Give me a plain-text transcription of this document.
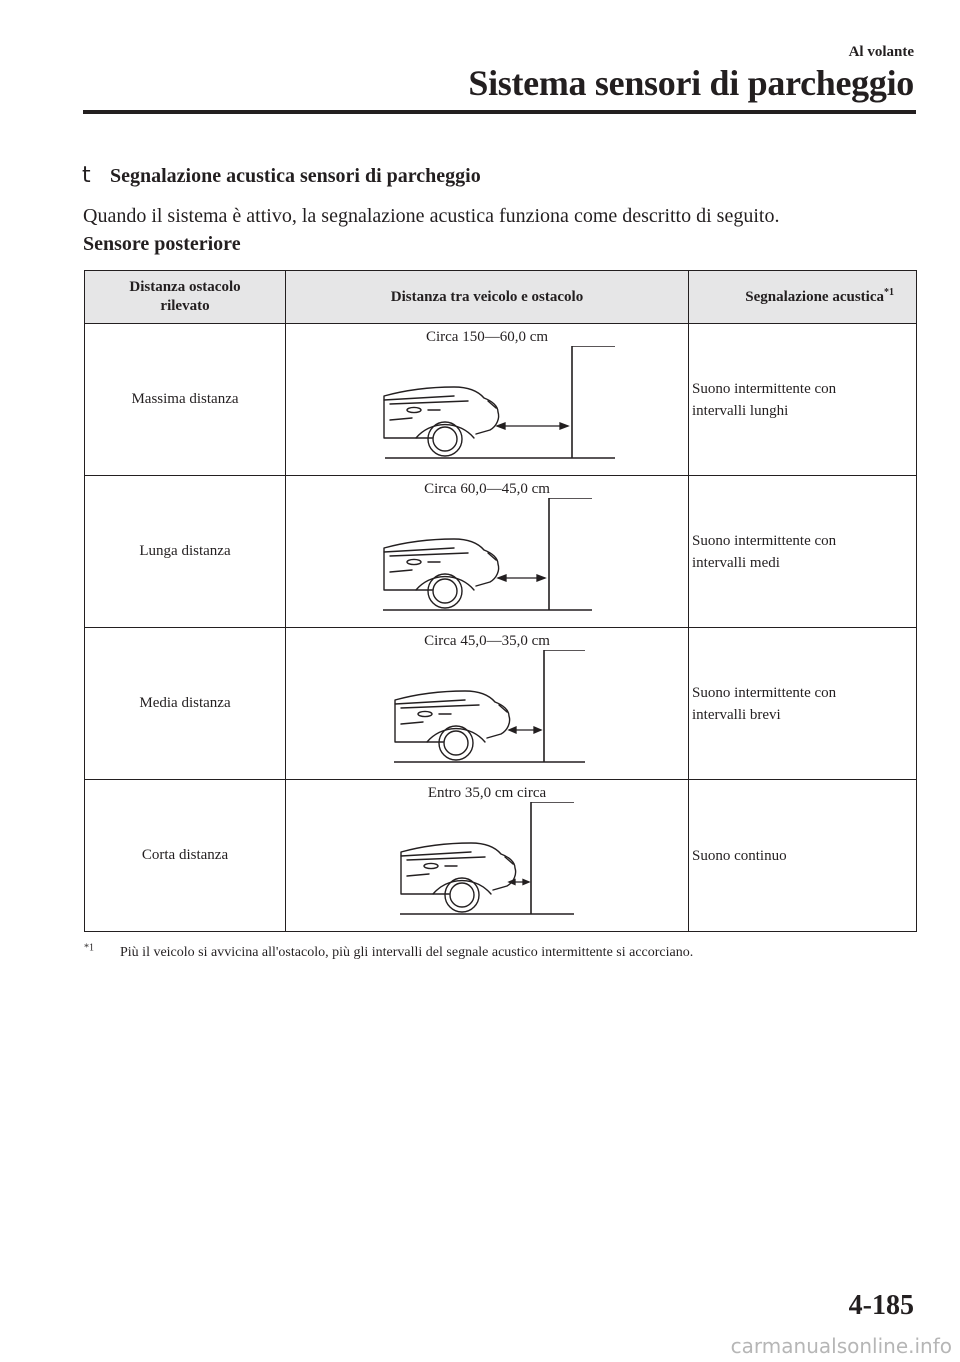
Al volante
Sistema sensori di parcheggio
t Segnalazione acustica sensori di parcheggio
Quando il sistema è attivo, la segnalazione acustica funziona come descritto di seguito.
Sensore posteriore
Distanza ostacolo
rilevato	Distanza tra veicolo e ostacolo	Segnalazione acustica$^{*1}$
Massima distanza	Circa 150—60,0 cm	Suono intermittente con
intervalli lunghi
Lunga distanza	Circa 60,0—45,0 cm	Suono intermittente con
intervalli medi
Media distanza	Circa 45,0—35,0 cm	Suono intermittente con
intervalli brevi
Corta distanza	Entro 35,0 cm circa	Suono continuo

$^{*1}$ Più il veicolo si avvicina all'ostacolo, più gli intervalli del segnale acustico intermittente si accorciano.
4-185
carmanualsonline.info
